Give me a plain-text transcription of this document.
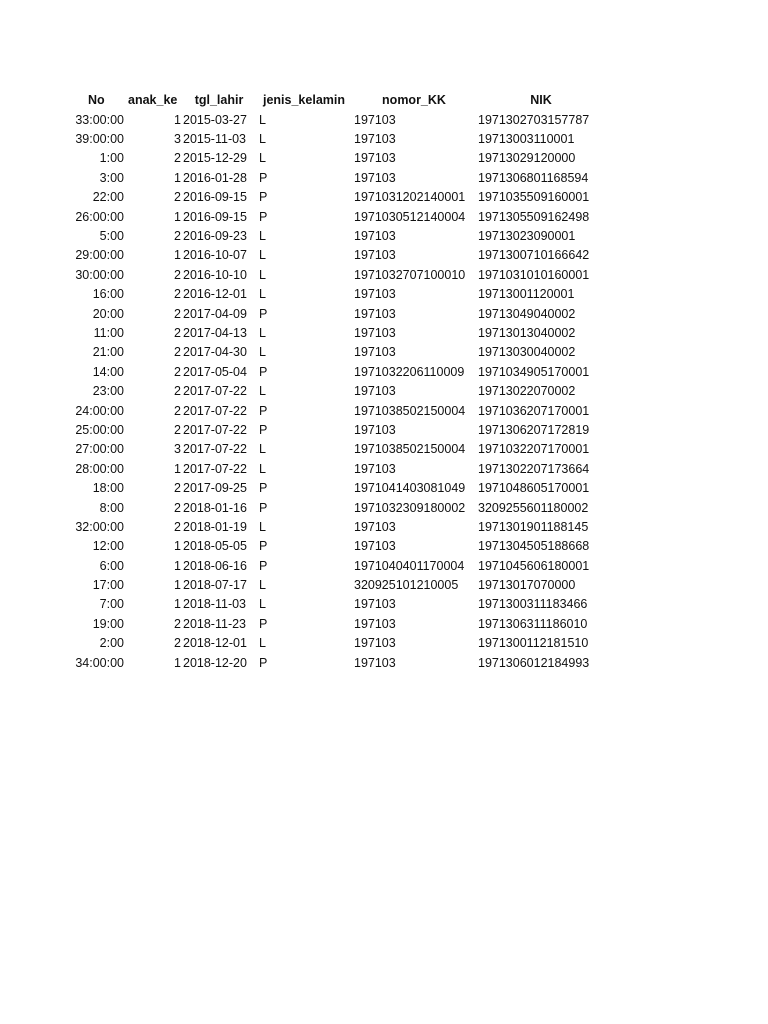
No	anak_ke	tgl_lahir	jenis_kelamin	nomor_KK	NIK
33:00:00	1	2015-03-27	L	197103	1971302703157787
39:00:00	3	2015-11-03	L	197103	19713003110001
1:00	2	2015-12-29	L	197103	19713029120000
3:00	1	2016-01-28	P	197103	1971306801168594
22:00	2	2016-09-15	P	1971031202140001	1971035509160001
26:00:00	1	2016-09-15	P	1971030512140004	1971305509162498
5:00	2	2016-09-23	L	197103	19713023090001
29:00:00	1	2016-10-07	L	197103	1971300710166642
30:00:00	2	2016-10-10	L	1971032707100010	1971031010160001
16:00	2	2016-12-01	L	197103	19713001120001
20:00	2	2017-04-09	P	197103	19713049040002
11:00	2	2017-04-13	L	197103	19713013040002
21:00	2	2017-04-30	L	197103	19713030040002
14:00	2	2017-05-04	P	1971032206110009	1971034905170001
23:00	2	2017-07-22	L	197103	19713022070002
24:00:00	2	2017-07-22	P	1971038502150004	1971036207170001
25:00:00	2	2017-07-22	P	197103	1971306207172819
27:00:00	3	2017-07-22	L	1971038502150004	1971032207170001
28:00:00	1	2017-07-22	L	197103	1971302207173664
18:00	2	2017-09-25	P	1971041403081049	1971048605170001
8:00	2	2018-01-16	P	1971032309180002	3209255601180002
32:00:00	2	2018-01-19	L	197103	1971301901188145
12:00	1	2018-05-05	P	197103	1971304505188668
6:00	1	2018-06-16	P	1971040401170004	1971045606180001
17:00	1	2018-07-17	L	320925101210005	19713017070000
7:00	1	2018-11-03	L	197103	1971300311183466
19:00	2	2018-11-23	P	197103	1971306311186010
2:00	2	2018-12-01	L	197103	1971300112181510
34:00:00	1	2018-12-20	P	197103	1971306012184993
